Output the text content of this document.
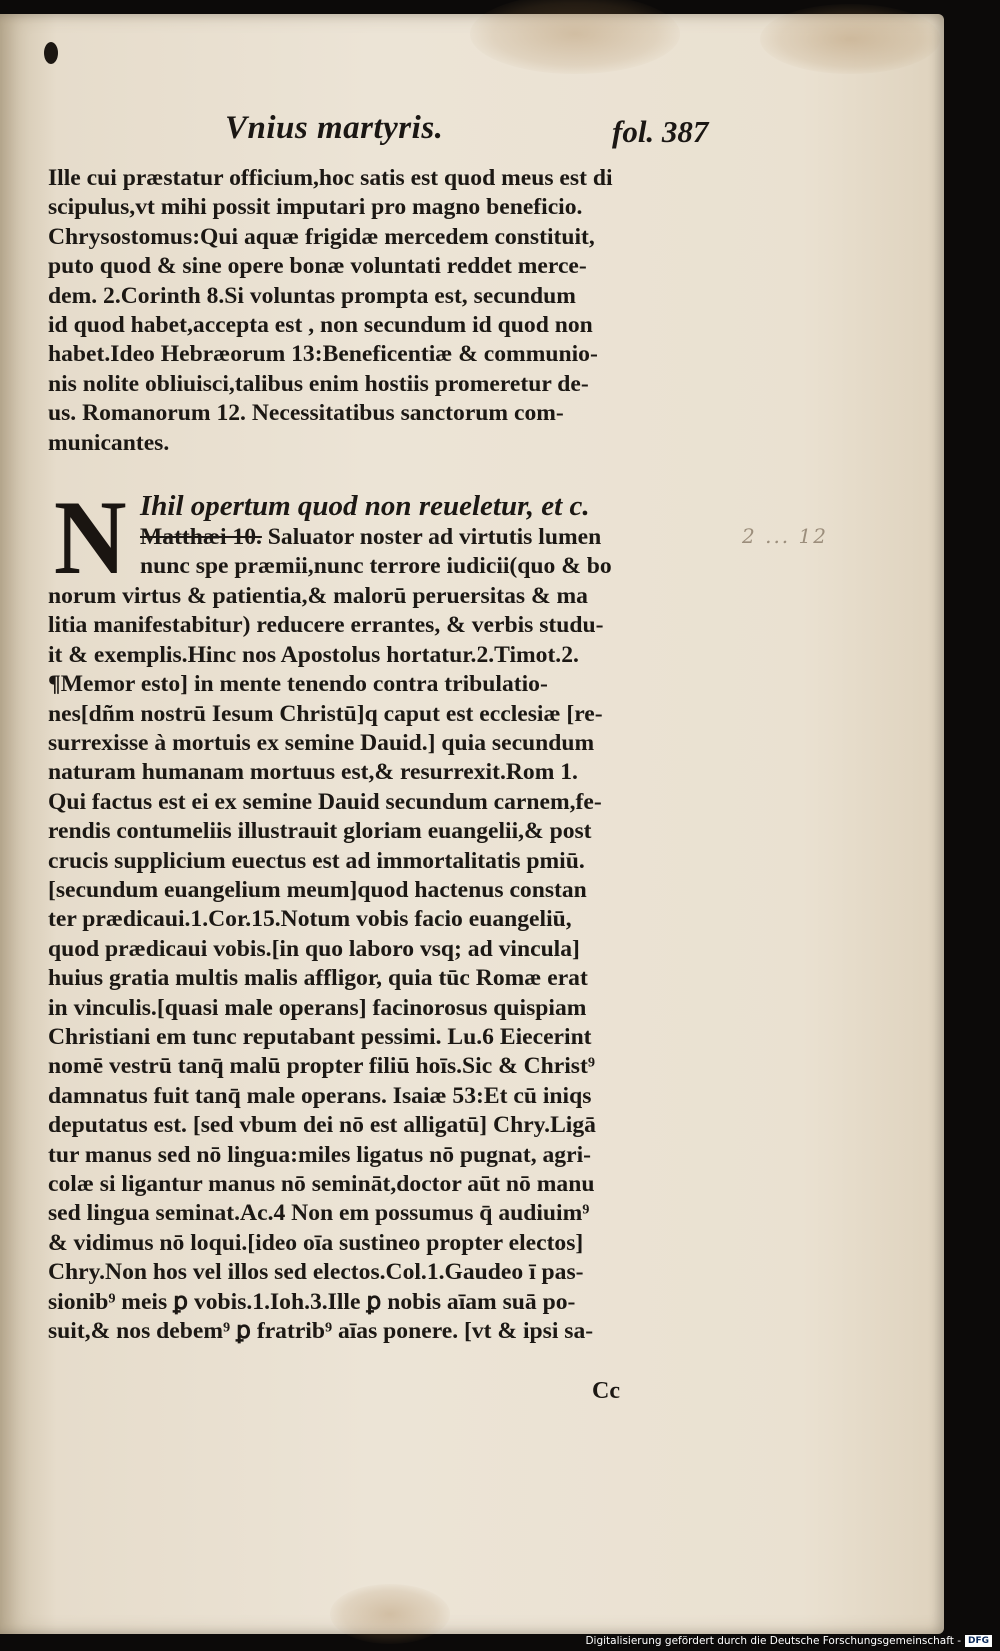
Vnius martyris.	fol. 387
Ille cui præstatur officium,hoc satis est quod meus est di
scipulus,vt mihi possit imputari pro magno beneficio.
Chrysostomus:Qui aquæ frigidæ mercedem constituit,
puto quod & sine opere bonæ voluntati reddet merce-
dem. 2.Corinth 8.Si voluntas prompta est, secundum
id quod habet,accepta est , non secundum id quod non
habet.Ideo Hebræorum 13:Beneficentiæ & communio-
nis nolite obliuisci,talibus enim hostiis promeretur de-
us. Romanorum 12. Necessitatibus sanctorum com-
municantes.
N Ihil opertum quod non reueletur, et c.
Matthæi 10. Saluator noster ad virtutis lumen
nunc spe præmii,nunc terrore iudicii(quo & bo
norum virtus & patientia,& malorū peruersitas & ma
litia manifestabitur) reducere errantes, & verbis studu-
it & exemplis.Hinc nos Apostolus hortatur.2.Timot.2.
¶Memor esto] in mente tenendo contra tribulatio-
nes[dñm nostrū Iesum Christū]q caput est ecclesiæ [re-
surrexisse à mortuis ex semine Dauid.] quia secundum
naturam humanam mortuus est,& resurrexit.Rom 1.
Qui factus est ei ex semine Dauid secundum carnem,fe-
rendis contumeliis illustrauit gloriam euangelii,& post
crucis supplicium euectus est ad immortalitatis pmiū.
[secundum euangelium meum]quod hactenus constan
ter prædicaui.1.Cor.15.Notum vobis facio euangeliū,
quod prædicaui vobis.[in quo laboro vsq; ad vincula]
huius gratia multis malis affligor, quia tūc Romæ erat
in vinculis.[quasi male operans] facinorosus quispiam
Christiani em tunc reputabant pessimi. Lu.6 Eiecerint
nomē vestrū tanq̄ malū propter filiū hoīs.Sic & Christ⁹
damnatus fuit tanq̄ male operans. Isaiæ 53:Et cū iniqs
deputatus est. [sed vbum dei nō est alligatū] Chry.Ligā
tur manus sed nō lingua:miles ligatus nō pugnat, agri-
colæ si ligantur manus nō semināt,doctor aūt nō manu
sed lingua seminat.Ac.4 Non em possumus q̄ audiuim⁹
& vidimus nō loqui.[ideo oīa sustineo propter electos]
Chry.Non hos vel illos sed electos.Col.1.Gaudeo ī pas-
sionib⁹ meis ꝑ vobis.1.Ioh.3.Ille ꝑ nobis aīam suā po-
suit,& nos debem⁹ ꝑ fratrib⁹ aīas ponere. [vt & ipsi sa-
Cc
2 ... 12
Digitalisierung gefördert durch die Deutsche Forschungsgemeinschaft - DFG
